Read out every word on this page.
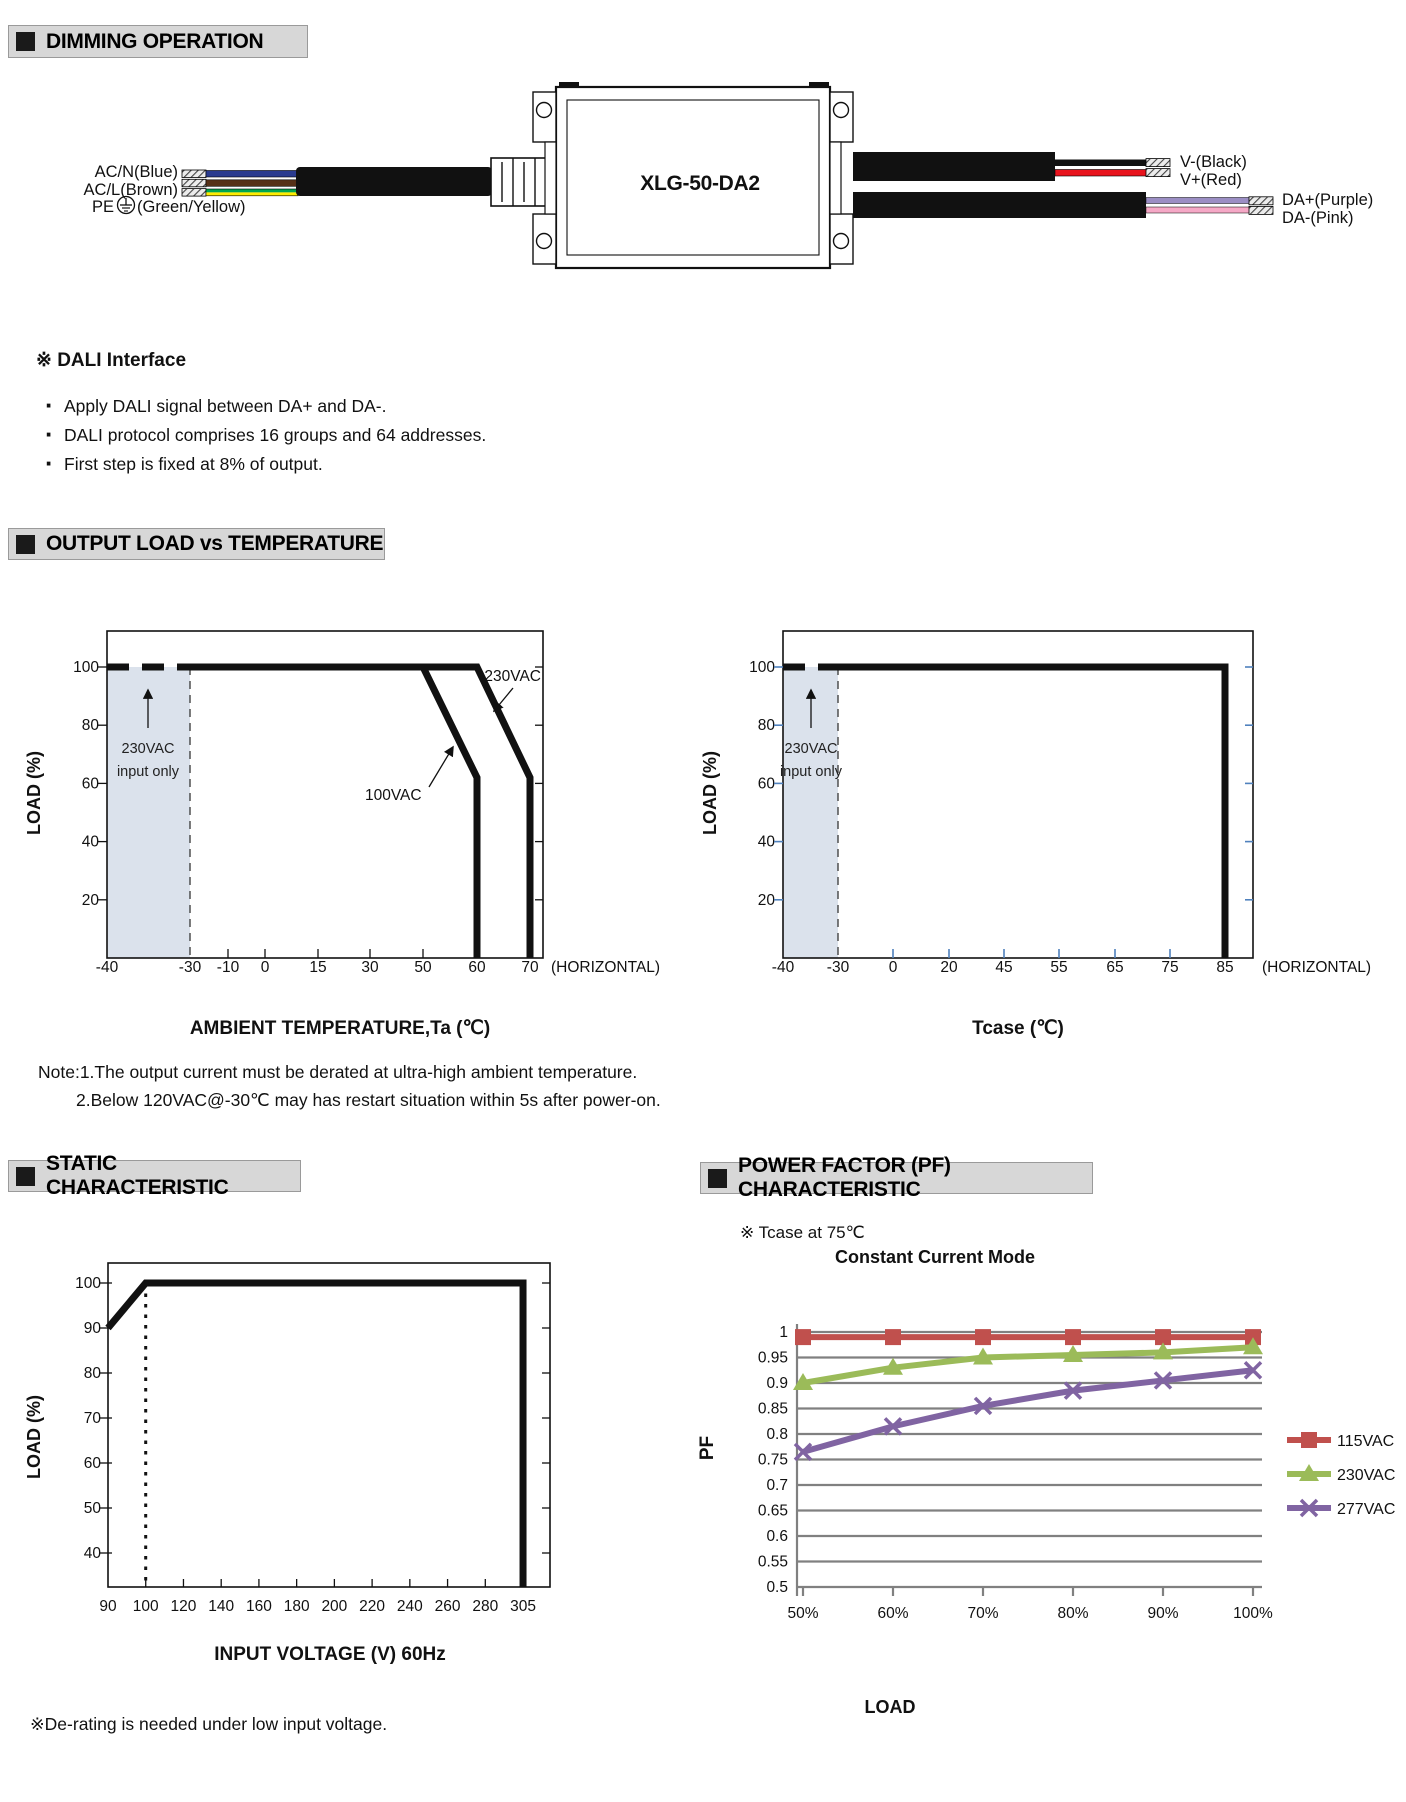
XLG-50-DA2
AC/N(Blue)
AC/L(Brown)
PE (Green/Yellow)
V-(Black)
V+(Red)
DA+(Purple)
DA-(Pink)
AMBIENT TEMPERATURE,Ta (℃)
LOAD (%)
-40	-30 -10 0	15 30 50 60 70
100
80
60
40
20
(HORIZONTAL)
230VAC
input only
100VAC
230VAC
Tcase (℃)
LOAD (%)
-40 -30	0	20 45 55	65 75 85
100
80
60
40
20
(HORIZONTAL)
230VAC
input only
INPUT VOLTAGE (V) 60Hz
LOAD (%)
90 100 120 140 160 180 200 220 240 260 280 305
100
90
80
70
60
50
40
※ Tcase at 75℃
Constant Current Mode
PF
LOAD
1
0.95
0.9
0.85
0.8
0.75
0.7
0.65
0.6
0.55
0.5
50%	60%	70%	80%	90%	100%
115VAC
230VAC
277VAC
DIMMING OPERATION
※ DALI Interface
· Apply DALI signal between DA+ and DA-.
· DALI protocol comprises 16 groups and 64 addresses.
· First step is fixed at 8% of output.
OUTPUT LOAD vs TEMPERATURE
Note:1.The output current must be derated at ultra-high ambient temperature.
2.Below 120VAC@-30℃ may has restart situation within 5s after power-on.
STATIC CHARACTERISTIC
POWER FACTOR (PF) CHARACTERISTIC
※De-rating is needed under low input voltage.
